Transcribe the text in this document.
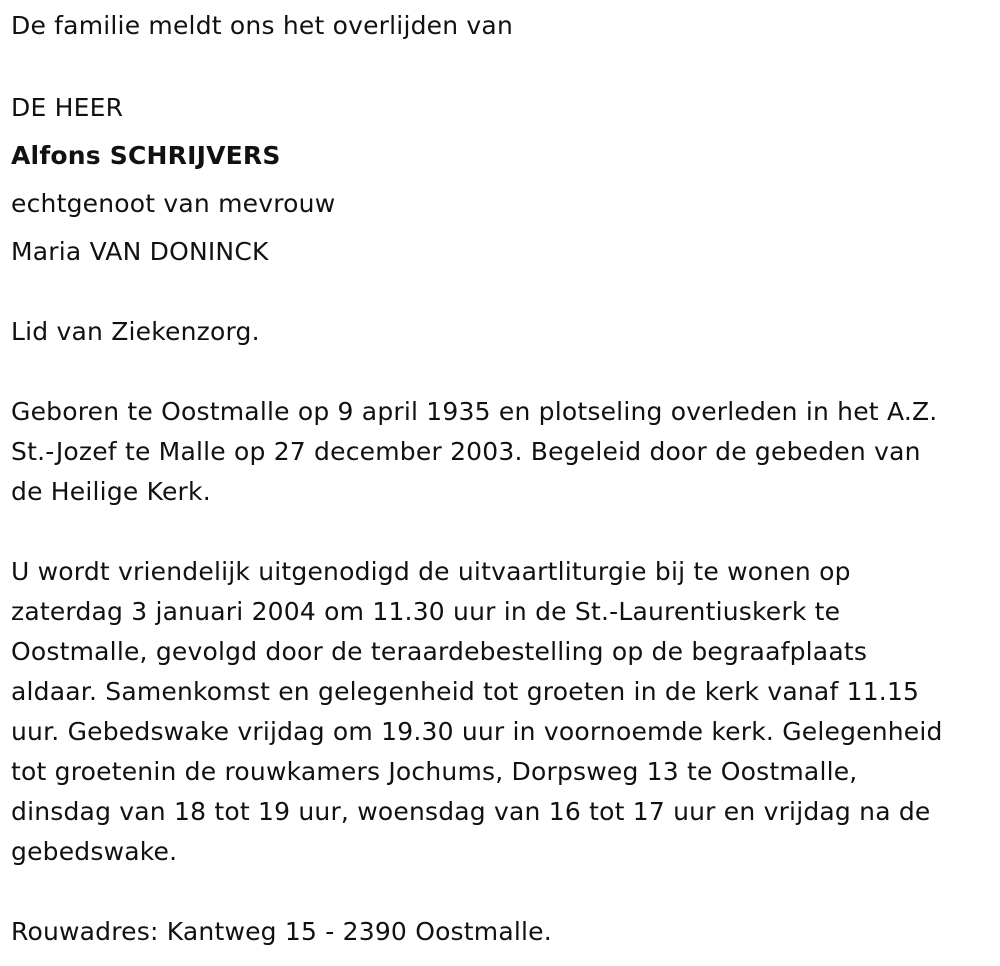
De familie meldt ons het overlijden van
DE HEER
Alfons SCHRIJVERS
echtgenoot van mevrouw
Maria VAN DONINCK
Lid van Ziekenzorg.
Geboren te Oostmalle op 9 april 1935 en plotseling overleden in het A.Z.
St.-Jozef te Malle op 27 december 2003. Begeleid door de gebeden van
de Heilige Kerk.
U wordt vriendelijk uitgenodigd de uitvaartliturgie bij te wonen op
zaterdag 3 januari 2004 om 11.30 uur in de St.-Laurentiuskerk te
Oostmalle, gevolgd door de teraardebestelling op de begraafplaats
aldaar. Samenkomst en gelegenheid tot groeten in de kerk vanaf 11.15
uur. Gebedswake vrijdag om 19.30 uur in voornoemde kerk. Gelegenheid
tot groetenin de rouwkamers Jochums, Dorpsweg 13 te Oostmalle,
dinsdag van 18 tot 19 uur, woensdag van 16 tot 17 uur en vrijdag na de
gebedswake.
Rouwadres: Kantweg 15 - 2390 Oostmalle.
